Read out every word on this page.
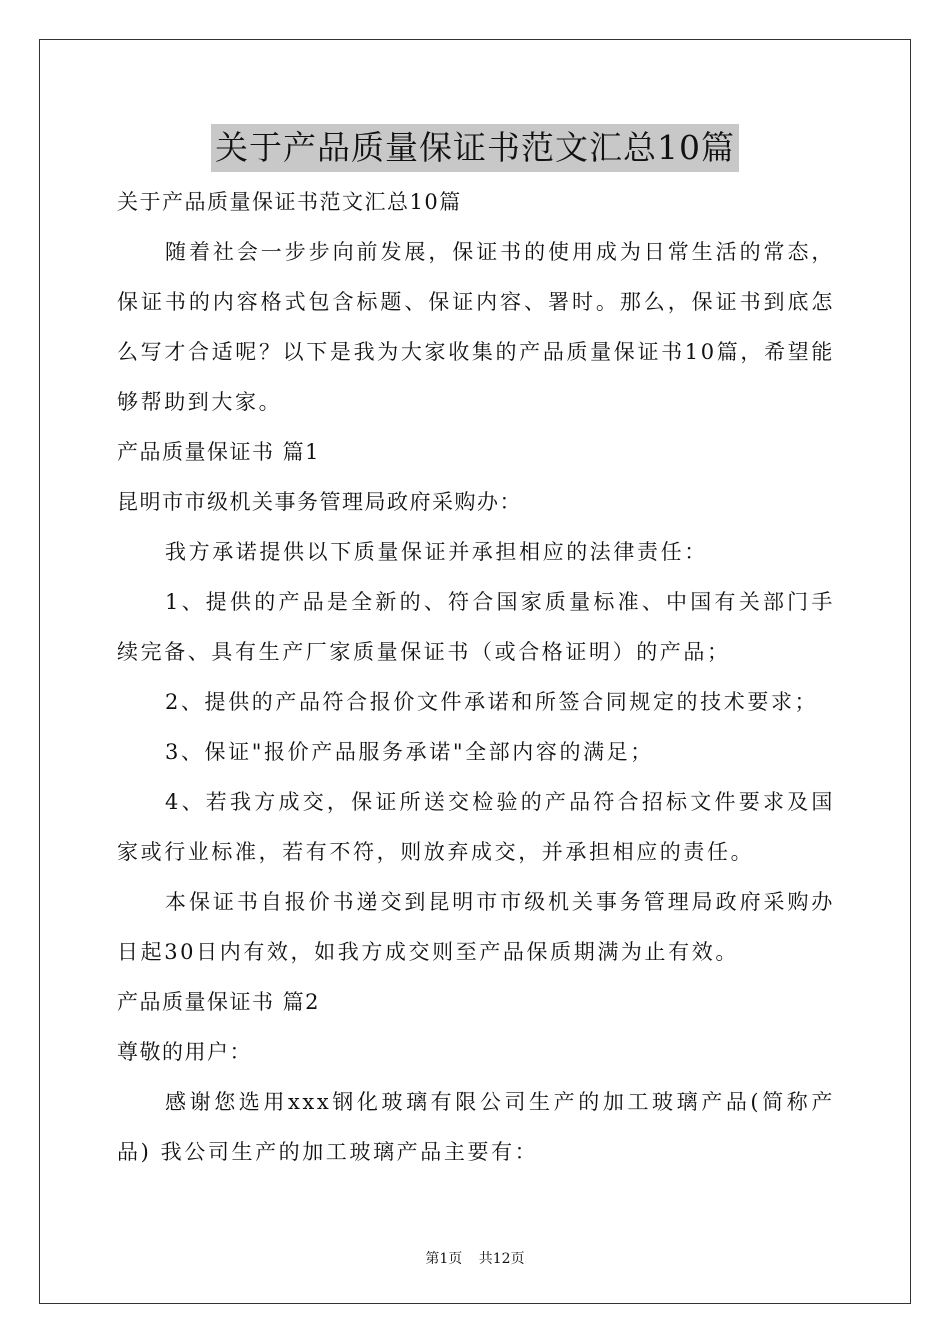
关于产品质量保证书范文汇总10篇
关于产品质量保证书范文汇总10篇
随着社会一步步向前发展，保证书的使用成为日常生活的常态，保证书的内容格式包含标题、保证内容、署时。那么，保证书到底怎么写才合适呢？以下是我为大家收集的产品质量保证书10篇，希望能够帮助到大家。
产品质量保证书 篇1
昆明市市级机关事务管理局政府采购办：
我方承诺提供以下质量保证并承担相应的法律责任：
1、提供的产品是全新的、符合国家质量标准、中国有关部门手续完备、具有生产厂家质量保证书（或合格证明）的产品；
2、提供的产品符合报价文件承诺和所签合同规定的技术要求；
3、保证"报价产品服务承诺"全部内容的满足；
4、若我方成交，保证所送交检验的产品符合招标文件要求及国家或行业标准，若有不符，则放弃成交，并承担相应的责任。
本保证书自报价书递交到昆明市市级机关事务管理局政府采购办日起30日内有效，如我方成交则至产品保质期满为止有效。
产品质量保证书 篇2
尊敬的用户：
感谢您选用xxx钢化玻璃有限公司生产的加工玻璃产品(简称产品) 我公司生产的加工玻璃产品主要有：
第1页 共12页
